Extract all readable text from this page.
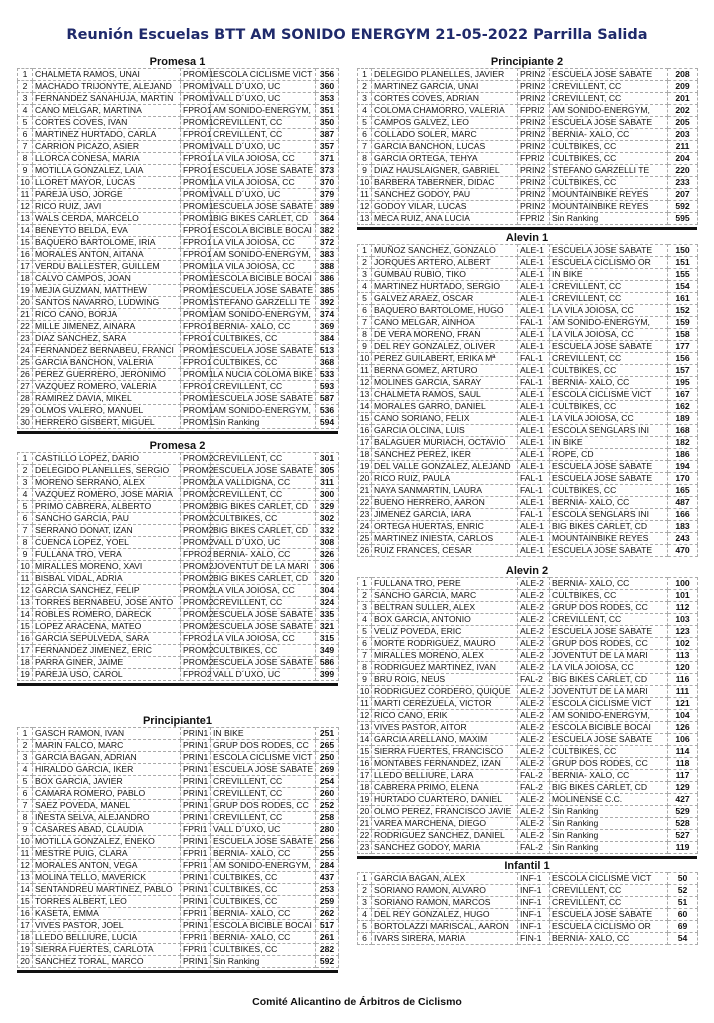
Reunión Escuelas BTT AM SONIDO ENERGYM 21-05-2022 Parrilla Salida
Promesa 1
1	CHALMETA RAMOS, UNAI	PROM1	ESCOLA CICLISME VICT	356
2	MACHADO TRIJONYTE, ALEJAND	PROM1	VALL D´UXO, UC	360
3	FERNANDEZ SANAHUJA, MARTIN	PROM1	VALL D´UXO, UC	353
4	CANO MELGAR, MARTINA	FPRO1	AM SONIDO-ENERGYM,	351
5	CORTES COVES, IVAN	PROM1	CREVILLENT, CC	350
6	MARTINEZ HURTADO, CARLA	FPRO1	CREVILLENT, CC	387
7	CARRION PICAZO, ASIER	PROM1	VALL D´UXO, UC	357
8	LLORCA CONESA, MARIA	FPRO1	LA VILA JOIOSA, CC	371
9	MOTILLA GONZALEZ, LAIA	FPRO1	ESCUELA JOSE SABATE	373
10	LLORET MAYOR, LUCAS	PROM1	LA VILA JOIOSA, CC	370
11	PAREJA USO, JORGE	PROM1	VALL D´UXO, UC	379
12	RICO RUIZ, JAVI	PROM1	ESCUELA JOSE SABATE	389
13	WALS CERDA, MARCELO	PROM1	BIG BIKES CARLET, CD	364
14	BENEYTO BELDA, EVA	FPRO1	ESCOLA BICIBLE BOCAI	382
15	BAQUERO BARTOLOME, IRIA	FPRO1	LA VILA JOIOSA, CC	372
16	MORALES ANTON, AITANA	FPRO1	AM SONIDO-ENERGYM,	383
17	VERDU BALLESTER, GUILLEM	PROM1	LA VILA JOIOSA, CC	388
18	CALVO CAMPOS, JOAN	PROM1	ESCOLA BICIBLE BOCAI	386
19	MEJIA GUZMAN, MATTHEW	PROM1	ESCUELA JOSE SABATE	385
20	SANTOS NAVARRO, LUDWING	PROM1	STEFANO GARZELLI TE	392
21	RICO CANO, BORJA	PROM1	AM SONIDO-ENERGYM,	374
22	MILLE JIMENEZ, AINARA	FPRO1	BERNIA- XALO, CC	369
23	DIAZ SANCHEZ, SARA	FPRO1	CULTBIKES, CC	384
24	FERNANDEZ BERNABEU, FRANCI	PROM1	ESCUELA JOSE SABATE	513
25	GARCIA BANCHON, VALERIA	FPRO1	CULTBIKES, CC	368
26	PEREZ GUERRERO, JERONIMO	PROM1	LA NUCIA COLOMA BIKE	533
27	VAZQUEZ ROMERO, VALERIA	FPRO1	CREVILLENT, CC	593
28	RAMIREZ DAVIA, MIKEL	PROM1	ESCUELA JOSE SABATE	587
29	OLMOS VALERO, MANUEL	PROM1	AM SONIDO-ENERGYM,	536
30	HERRERO GISBERT, MIGUEL	PROM1	Sin Ranking	594
Promesa 2
1	CASTILLO LOPEZ, DARIO	PROM2	CREVILLENT, CC	301
2	DELEGIDO PLANELLES, SERGIO	PROM2	ESCUELA JOSE SABATE	305
3	MORENO SERRANO, ALEX	PROM2	LA VALLDIGNA, CC	311
4	VAZQUEZ ROMERO, JOSE MARIA	PROM2	CREVILLENT, CC	300
5	PRIMO CABRERA, ALBERTO	PROM2	BIG BIKES CARLET, CD	329
6	SANCHO GARCIA, PAU	PROM2	CULTBIKES, CC	302
7	SERRANO DONAT, IZAN	PROM2	BIG BIKES CARLET, CD	332
8	CUENCA LOPEZ, YOEL	PROM2	VALL D´UXO, UC	308
9	FULLANA TRO, VERA	FPRO2	BERNIA- XALO, CC	326
10	MIRALLES MORENO, XAVI	PROM2	JOVENTUT DE LA MARI	306
11	BISBAL VIDAL, ADRIA	PROM2	BIG BIKES CARLET, CD	320
12	GARCIA SANCHEZ, FELIP	PROM2	LA VILA JOIOSA, CC	304
13	TORRES BERNABEU, JOSE ANTO	PROM2	CREVILLENT, CC	324
14	ROBLES ROMERO, DARECK	PROM2	ESCUELA JOSE SABATE	335
15	LOPEZ ARACENA, MATEO	PROM2	ESCUELA JOSE SABATE	321
16	GARCIA SEPULVEDA, SARA	FPRO2	LA VILA JOIOSA, CC	315
17	FERNANDEZ JIMENEZ, ERIC	PROM2	CULTBIKES, CC	349
18	PARRA GINER, JAIME	PROM2	ESCUELA JOSE SABATE	586
19	PAREJA USO, CAROL	FPRO2	VALL D´UXO, UC	399
Principiante1
1	GASCH RAMON, IVAN	PRIN1	IN BIKE	251
2	MARIN FALCO, MARC	PRIN1	GRUP DOS RODES, CC	265
3	GARCIA BAGAN, ADRIAN	PRIN1	ESCOLA CICLISME VICT	250
4	HIRALDO GARCIA, IKER	PRIN1	ESCUELA JOSE SABATE	269
5	BOX GARCIA, JAVIER	PRIN1	CREVILLENT, CC	254
6	CAMARA ROMERO, PABLO	PRIN1	CREVILLENT, CC	260
7	SAEZ POVEDA, MANEL	PRIN1	GRUP DOS RODES, CC	252
8	IÑESTA SELVA, ALEJANDRO	PRIN1	CREVILLENT, CC	258
9	CASARES ABAD, CLAUDIA	FPRI1	VALL D´UXO, UC	280
10	MOTILLA GONZALEZ, ENEKO	PRIN1	ESCUELA JOSE SABATE	256
11	MESTRE PUIG, CLARA	FPRI1	BERNIA- XALO, CC	255
12	MORALES ANTON, VEGA	FPRI1	AM SONIDO-ENERGYM,	284
13	MOLINA TELLO, MAVERICK	PRIN1	CULTBIKES, CC	437
14	SENTANDREU MARTINEZ, PABLO	PRIN1	CULTBIKES, CC	253
15	TORRES ALBERT, LEO	PRIN1	CULTBIKES, CC	259
16	KASETA, EMMA	FPRI1	BERNIA- XALO, CC	262
17	VIVES PASTOR, JOEL	PRIN1	ESCOLA BICIBLE BOCAI	517
18	LLEDO BELLIURE, LUCIA	FPRI1	BERNIA- XALO, CC	261
19	SIERRA FUERTES, CARLOTA	FPRI1	CULTBIKES, CC	282
20	SANCHEZ TORAL, MARCO	PRIN1	Sin Ranking	592
Principiante 2
1	DELEGIDO PLANELLES, JAVIER	PRIN2	ESCUELA JOSE SABATE	208
2	MARTINEZ GARCIA, UNAI	PRIN2	CREVILLENT, CC	209
3	CORTES COVES, ADRIAN	PRIN2	CREVILLENT, CC	201
4	COLOMA CHAMORRO, VALERIA	FPRI2	AM SONIDO-ENERGYM,	202
5	CAMPOS GALVEZ, LEO	PRIN2	ESCUELA JOSE SABATE	205
6	COLLADO SOLER, MARC	PRIN2	BERNIA- XALO, CC	203
7	GARCIA BANCHON, LUCAS	PRIN2	CULTBIKES, CC	211
8	GARCIA ORTEGA, TEHYA	FPRI2	CULTBIKES, CC	204
9	DIAZ HAUSLAIGNER, GABRIEL	PRIN2	STEFANO GARZELLI TE	220
10	BARBERA TABERNER, DIDAC	PRIN2	CULTBIKES, CC	233
11	SANCHEZ GODOY, PAU	PRIN2	MOUNTAINBIKE REYES	207
12	GODOY VILAR, LUCAS	PRIN2	MOUNTAINBIKE REYES	592
13	MECA RUIZ, ANA LUCIA	FPRI2	Sin Ranking	595
Alevin 1
1	MUÑOZ SANCHEZ, GONZALO	ALE-1	ESCUELA JOSE SABATE	150
2	JORQUES ARTERO, ALBERT	ALE-1	ESCUELA CICLISMO OR	151
3	GUMBAU RUBIO, TIKO	ALE-1	IN BIKE	155
4	MARTINEZ HURTADO, SERGIO	ALE-1	CREVILLENT, CC	154
5	GALVEZ ARAEZ, OSCAR	ALE-1	CREVILLENT, CC	161
6	BAQUERO BARTOLOME, HUGO	ALE-1	LA VILA JOIOSA, CC	152
7	CANO MELGAR, AINHOA	FAL-1	AM SONIDO-ENERGYM,	159
8	DE VERA MORENO, FRAN	ALE-1	LA VILA JOIOSA, CC	158
9	DEL REY GONZALEZ, OLIVER	ALE-1	ESCUELA JOSE SABATE	177
10	PEREZ GUILABERT, ERIKA Mª	FAL-1	CREVILLENT, CC	156
11	BERNA GOMEZ, ARTURO	ALE-1	CULTBIKES, CC	157
12	MOLINES GARCIA, SARAY	FAL-1	BERNIA- XALO, CC	195
13	CHALMETA RAMOS, SAUL	ALE-1	ESCOLA CICLISME VICT	167
14	MORALES GARRO, DANIEL	ALE-1	CULTBIKES, CC	162
15	CANO SORIANO, FELIX	ALE-1	LA VILA JOIOSA, CC	189
16	GARCIA OLCINA, LUIS	ALE-1	ESCOLA SENGLARS INI	168
17	BALAGUER MURIACH, OCTAVIO	ALE-1	IN BIKE	182
18	SANCHEZ PEREZ, IKER	ALE-1	ROPE, CD	186
19	DEL VALLE GONZALEZ, ALEJAND	ALE-1	ESCUELA JOSE SABATE	194
20	RICO RUIZ, PAULA	FAL-1	ESCUELA JOSE SABATE	170
21	NAYA SANMARTIN, LAURA	FAL-1	CULTBIKES, CC	165
22	BUENO HERRERO, AARON	ALE-1	BERNIA- XALO, CC	487
23	JIMENEZ GARCIA, IARA	FAL-1	ESCOLA SENGLARS INI	166
24	ORTEGA HUERTAS, ENRIC	ALE-1	BIG BIKES CARLET, CD	183
25	MARTINEZ INIESTA, CARLOS	ALE-1	MOUNTAINBIKE REYES	243
26	RUIZ FRANCES, CESAR	ALE-1	ESCUELA JOSE SABATE	470
Alevin 2
1	FULLANA TRO, PERE	ALE-2	BERNIA- XALO, CC	100
2	SANCHO GARCIA, MARC	ALE-2	CULTBIKES, CC	101
3	BELTRAN SULLER, ALEX	ALE-2	GRUP DOS RODES, CC	112
4	BOX GARCIA, ANTONIO	ALE-2	CREVILLENT, CC	103
5	VELIZ POVEDA, ERIC	ALE-2	ESCUELA JOSE SABATE	123
6	MORTE RODRIGUEZ, MAURO	ALE-2	GRUP DOS RODES, CC	102
7	MIRALLES MORENO, ALEX	ALE-2	JOVENTUT DE LA MARI	113
8	RODRIGUEZ MARTINEZ, IVAN	ALE-2	LA VILA JOIOSA, CC	120
9	BRU ROIG, NEUS	FAL-2	BIG BIKES CARLET, CD	116
10	RODRIGUEZ CORDERO, QUIQUE	ALE-2	JOVENTUT DE LA MARI	111
11	MARTI CEREZUELA, VICTOR	ALE-2	ESCOLA CICLISME VICT	121
12	RICO CANO, ERIK	ALE-2	AM SONIDO-ENERGYM,	104
13	VIVES PASTOR, AITOR	ALE-2	ESCOLA BICIBLE BOCAI	126
14	GARCIA ARELLANO, MAXIM	ALE-2	ESCUELA JOSE SABATE	106
15	SIERRA FUERTES, FRANCISCO	ALE-2	CULTBIKES, CC	114
16	MONTABES FERNANDEZ, IZAN	ALE-2	GRUP DOS RODES, CC	118
17	LLEDO BELLIURE, LARA	FAL-2	BERNIA- XALO, CC	117
18	CABRERA PRIMO, ELENA	FAL-2	BIG BIKES CARLET, CD	129
19	HURTADO CUARTERO, DANIEL	ALE-2	MOLINENSE C.C.	427
20	OLMO PEREZ, FRANCISCO JAVIE	ALE-2	Sin Ranking	529
21	VAREA MARCHENA, DIEGO	ALE-2	Sin Ranking	528
22	RODRIGUEZ SANCHEZ, DANIEL	ALE-2	Sin Ranking	527
23	SANCHEZ GODOY, MARIA	FAL-2	Sin Ranking	119
Infantil 1
1	GARCIA BAGAN, ALEX	INF-1	ESCOLA CICLISME VICT	50
2	SORIANO RAMON, ALVARO	INF-1	CREVILLENT, CC	52
3	SORIANO RAMON, MARCOS	INF-1	CREVILLENT, CC	51
4	DEL REY GONZALEZ, HUGO	INF-1	ESCUELA JOSE SABATE	60
5	BORTOLAZZI MARISCAL, AARON	INF-1	ESCUELA CICLISMO OR	69
6	IVARS SIRERA, MARIA	FIN-1	BERNIA- XALO, CC	54
Comité Alicantino de Árbitros de Ciclismo
